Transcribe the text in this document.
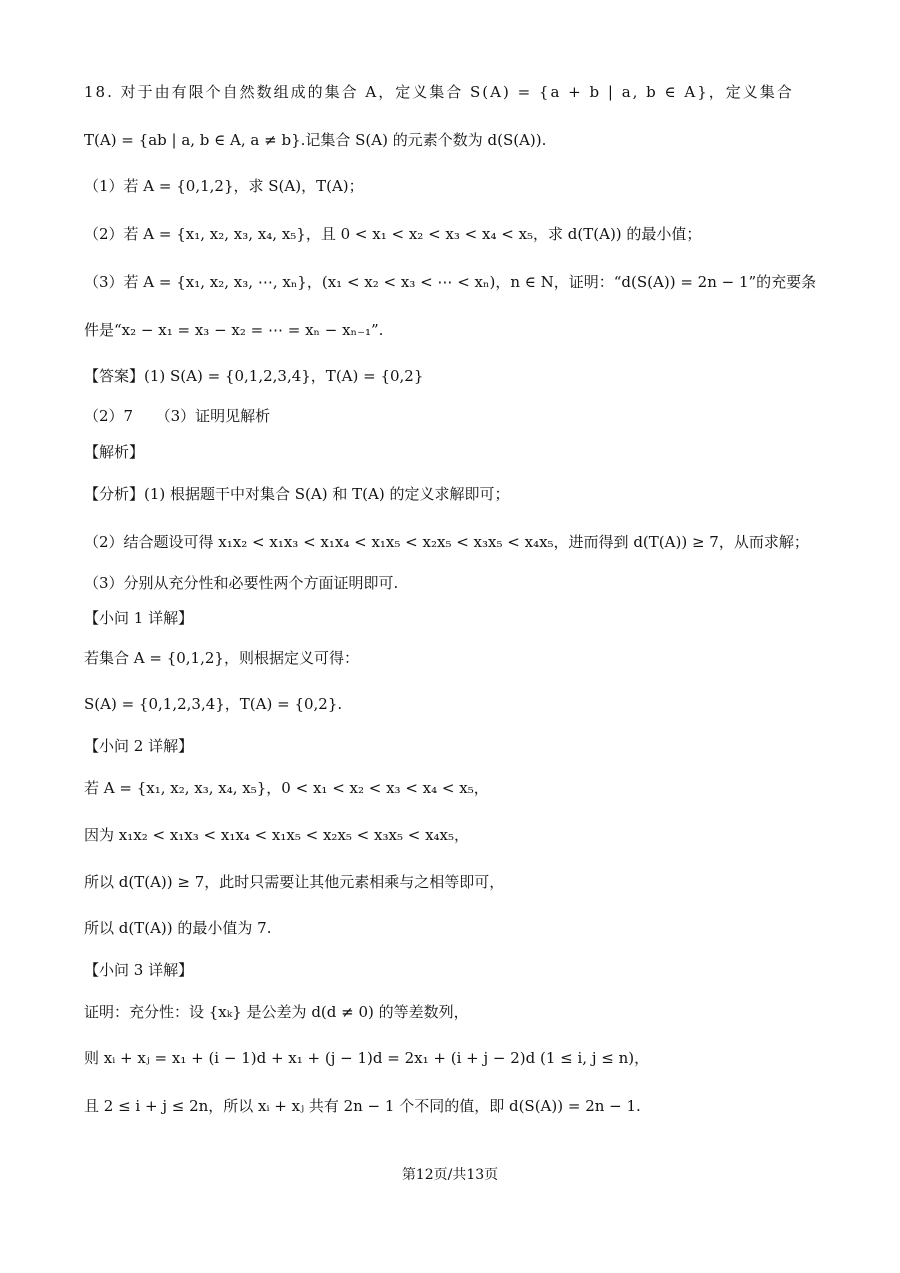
18. 对于由有限个自然数组成的集合 A，定义集合 S(A) = {a + b | a, b ∈ A}，定义集合
T(A) = {ab | a, b ∈ A, a ≠ b}.记集合 S(A) 的元素个数为 d(S(A)).
（1）若 A = {0,1,2}，求 S(A)，T(A)；
（2）若 A = {x₁, x₂, x₃, x₄, x₅}，且 0 < x₁ < x₂ < x₃ < x₄ < x₅，求 d(T(A)) 的最小值；
（3）若 A = {x₁, x₂, x₃, ⋯, xₙ}，(x₁ < x₂ < x₃ < ⋯ < xₙ)，n ∈ N，证明：“d(S(A)) = 2n − 1”的充要条
件是“x₂ − x₁ = x₃ − x₂ = ⋯ = xₙ − xₙ₋₁”.
【答案】(1) S(A) = {0,1,2,3,4}，T(A) = {0,2}
（2）7　　（3）证明见解析
【解析】
【分析】(1) 根据题干中对集合 S(A) 和 T(A) 的定义求解即可；
（2）结合题设可得 x₁x₂ < x₁x₃ < x₁x₄ < x₁x₅ < x₂x₅ < x₃x₅ < x₄x₅，进而得到 d(T(A)) ≥ 7，从而求解；
（3）分别从充分性和必要性两个方面证明即可.
【小问 1 详解】
若集合 A = {0,1,2}，则根据定义可得：
S(A) = {0,1,2,3,4}，T(A) = {0,2}.
【小问 2 详解】
若 A = {x₁, x₂, x₃, x₄, x₅}，0 < x₁ < x₂ < x₃ < x₄ < x₅，
因为 x₁x₂ < x₁x₃ < x₁x₄ < x₁x₅ < x₂x₅ < x₃x₅ < x₄x₅，
所以 d(T(A)) ≥ 7，此时只需要让其他元素相乘与之相等即可，
所以 d(T(A)) 的最小值为 7.
【小问 3 详解】
证明：充分性：设 {xₖ} 是公差为 d(d ≠ 0) 的等差数列，
则 xᵢ + xⱼ = x₁ + (i − 1)d + x₁ + (j − 1)d = 2x₁ + (i + j − 2)d (1 ≤ i, j ≤ n)，
且 2 ≤ i + j ≤ 2n，所以 xᵢ + xⱼ 共有 2n − 1 个不同的值，即 d(S(A)) = 2n − 1.
第12页/共13页
